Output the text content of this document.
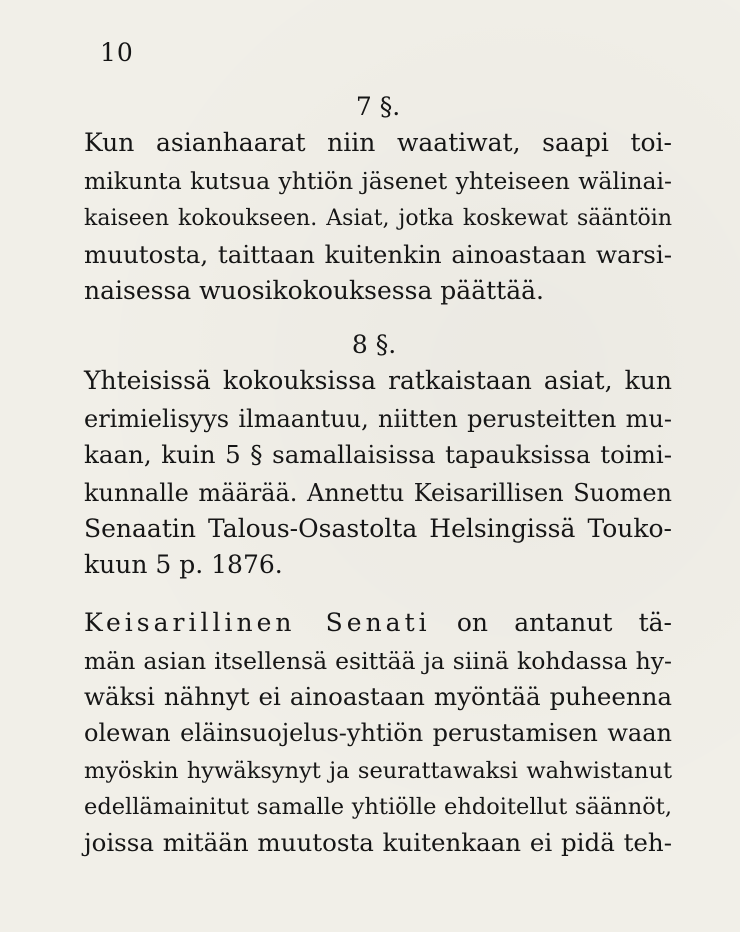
10
7 §.
Kun asianhaarat niin waatiwat, saapi toi-
mikunta kutsua yhtiön jäsenet yhteiseen wälinai-
kaiseen kokoukseen. Asiat, jotka koskewat sääntöin
muutosta, taittaan kuitenkin ainoastaan warsi-
naisessa wuosikokouksessa päättää.
8 §.
Yhteisissä kokouksissa ratkaistaan asiat, kun
erimielisyys ilmaantuu, niitten perusteitten mu-
kaan, kuin 5 § samallaisissa tapauksissa toimi-
kunnalle määrää. Annettu Keisarillisen Suomen
Senaatin Talous-Osastolta Helsingissä Touko-
kuun 5 p. 1876.
Keisarillinen Senati on antanut tä-
män asian itsellensä esittää ja siinä kohdassa hy-
wäksi nähnyt ei ainoastaan myöntää puheenna
olewan eläinsuojelus-yhtiön perustamisen waan
myöskin hywäksynyt ja seurattawaksi wahwistanut
edellämainitut samalle yhtiölle ehdoitellut säännöt,
joissa mitään muutosta kuitenkaan ei pidä teh-
